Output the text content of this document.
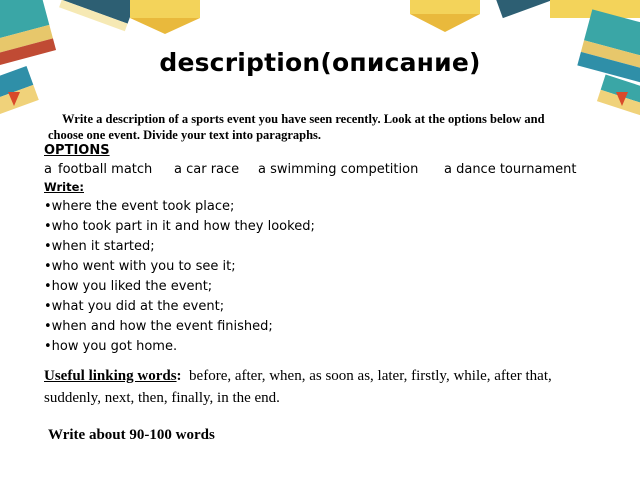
description(описание)
Write a description of a sports event you have seen recently. Look at the options below and
choose one event. Divide your text into paragraphs.
OPTIONS
a football match a car race a swimming competition a dance tournament
Write:
•where the event took place;
•who took part in it and how they looked;
•when it started;
•who went with you to see it;
•how you liked the event;
•what you did at the event;
•when and how the event finished;
•how you got home.
Useful linking words: before, after, when, as soon as, later, firstly, while, after that, suddenly, next, then, finally, in the end.
Write about 90-100 words
